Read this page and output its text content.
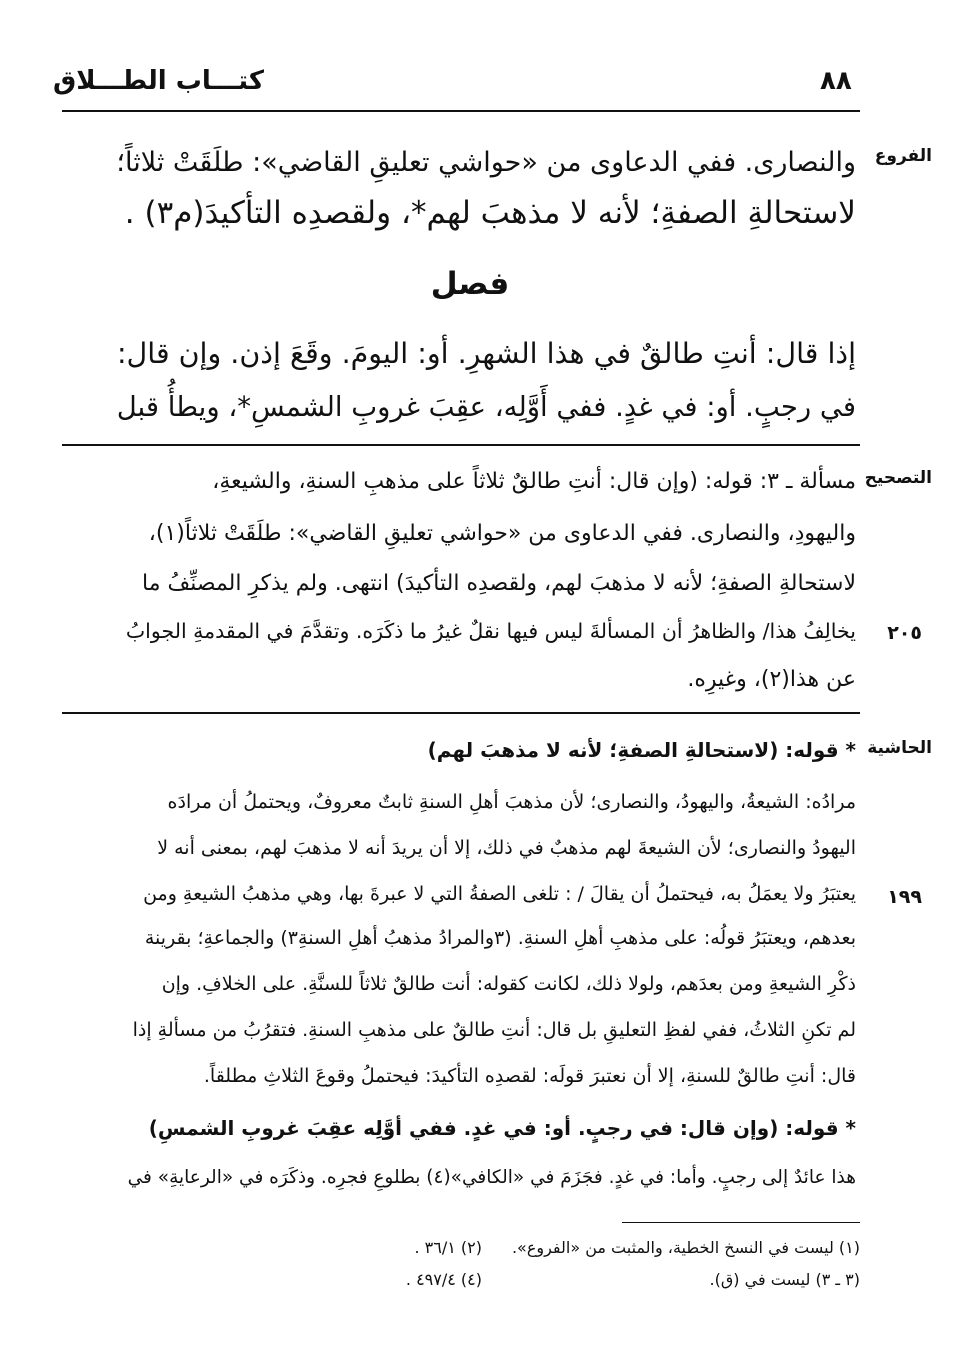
كتـــاب الطـــلاق	٨٨
الفروع
والنصارى. ففي الدعاوى من «حواشي تعليقِ القاضي»: طلَقَتْ ثلاثاً؛
لاستحالةِ الصفةِ؛ لأنه لا مذهبَ لهم*، ولقصدِه التأكيدَ(م٣) .
فصل
إذا قال: أنتِ طالقٌ في هذا الشهرِ. أو: اليومَ. وقَعَ إذن. وإن قال:
في رجبٍ. أو: في غدٍ. ففي أَوَّلِه، عقِبَ غروبِ الشمسِ*، ويطأُ قبل
التصحيح
مسألة ـ ٣: قوله: (وإن قال: أنتِ طالقٌ ثلاثاً على مذهبِ السنةِ، والشيعةِ،
واليهودِ، والنصارى. ففي الدعاوى من «حواشي تعليقِ القاضي»: طلَقَتْ ثلاثاً(١)،
لاستحالةِ الصفةِ؛ لأنه لا مذهبَ لهم، ولقصدِه التأكيدَ) انتهى. ولم يذكرِ المصنِّفُ ما
يخالِفُ هذا/ والظاهرُ أن المسألةَ ليس فيها نقلٌ غيرُ ما ذكَرَه. وتقدَّمَ في المقدمةِ الجوابُ ٢٠٥
عن هذا(٢)، وغيرِه.
الحاشية
* قوله: (لاستحالةِ الصفةِ؛ لأنه لا مذهبَ لهم)
مرادُه: الشيعةُ، واليهودُ، والنصارى؛ لأن مذهبَ أهلِ السنةِ ثابتٌ معروفٌ، ويحتملُ أن مرادَه
اليهودُ والنصارى؛ لأن الشيعةَ لهم مذهبٌ في ذلك، إلا أن يريدَ أنه لا مذهبَ لهم، بمعنى أنه لا
يعتبَرُ ولا يعمَلُ به، فيحتملُ أن يقالَ / : تلغى الصفةُ التي لا عبرةَ بها، وهي مذهبُ الشيعةِ ومن ١٩٩
بعدهم، ويعتبَرُ قولُه: على مذهبِ أهلِ السنةِ. (٣والمرادُ مذهبُ أهلِ السنةِ٣) والجماعةِ؛ بقرينة
ذكْرِ الشيعةِ ومن بعدَهم، ولولا ذلك، لكانت كقوله: أنت طالقٌ ثلاثاً للسنَّةِ. على الخلافِ. وإن
لم تكنِ الثلاثُ، ففي لفظِ التعليقِ بل قال: أنتِ طالقٌ على مذهبِ السنةِ. فتقرُبُ من مسألةِ إذا
قال: أنتِ طالقٌ للسنةِ، إلا أن نعتبرَ قولَه: لقصدِه التأكيدَ: فيحتملُ وقوعَ الثلاثِ مطلقاً.
* قوله: (وإن قال: في رجبٍ. أو: في غدٍ. ففي أوَّلِه عقِبَ غروبِ الشمسِ)
هذا عائدٌ إلى رجبٍ. وأما: في غدٍ. فجَزَمَ في «الكافي»(٤) بطلوعِ فجرِه. وذكَرَه في «الرعايةِ» في
(١) ليست في النسخ الخطية، والمثبت من «الفروع».
(٢) ٣٦/١ .
(٣ ـ ٣) ليست في (ق).
(٤) ٤٩٧/٤ .
